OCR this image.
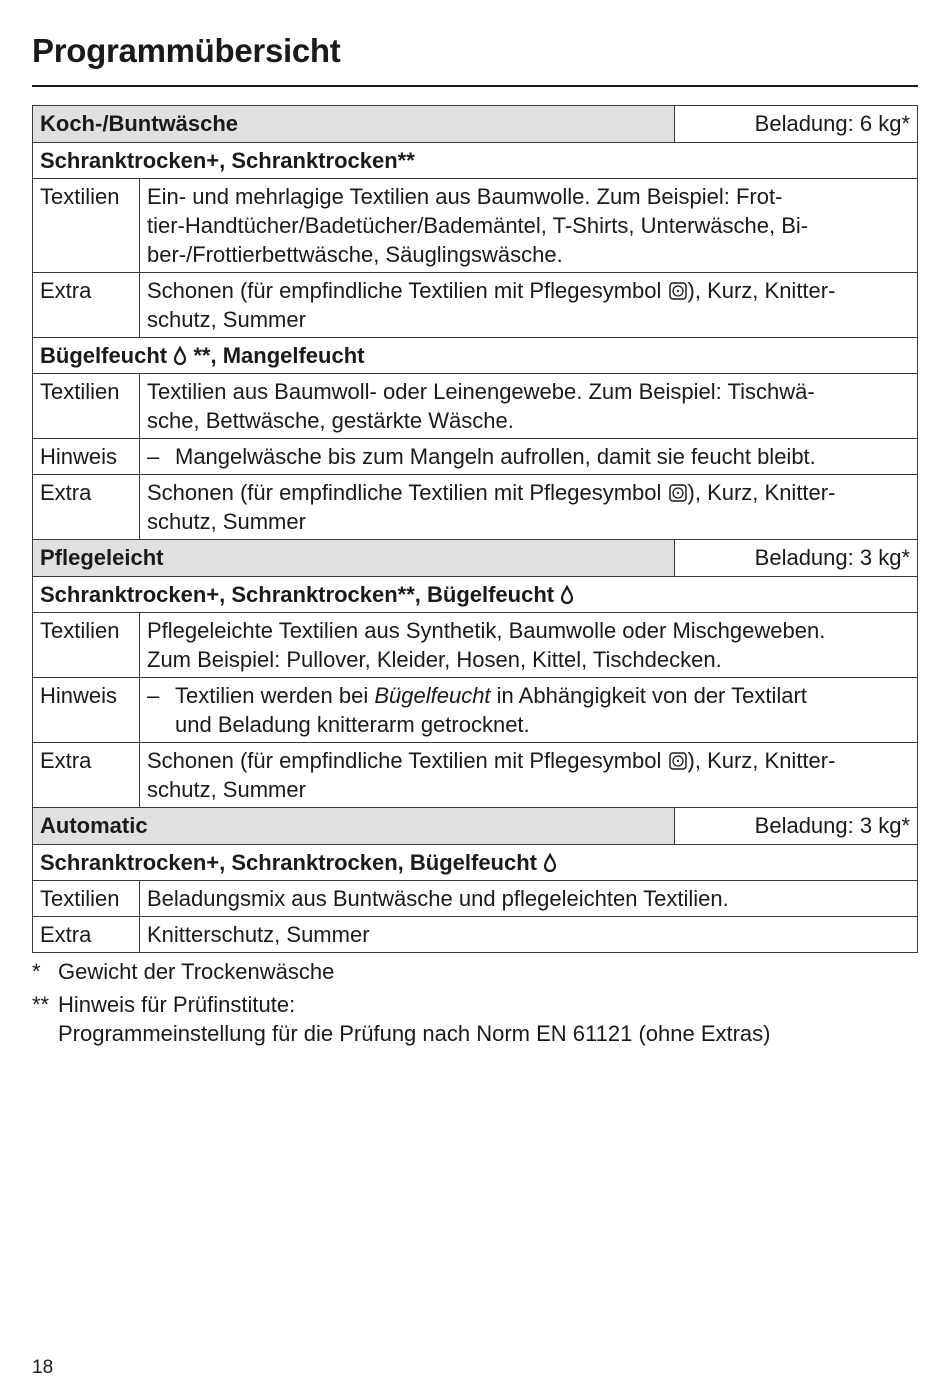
Programmübersicht
Koch-/Buntwäsche		Beladung: 6 kg*
Schranktrocken+, Schranktrocken**		
Textilien	Ein- und mehrlagige Textilien aus Baumwolle. Zum Beispiel: Frot-
tier-Handtücher/Badetücher/Bademäntel, T-Shirts, Unterwäsche, Bi-
ber-/Frottierbettwäsche, Säuglingswäsche.	
Extra	Schonen (für empfindliche Textilien mit Pflegesymbol ), Kurz, Knitter-
schutz, Summer	
Bügelfeucht  **, Mangelfeucht		
Textilien	Textilien aus Baumwoll- oder Leinengewebe. Zum Beispiel: Tischwä-
sche, Bettwäsche, gestärkte Wäsche.	
Hinweis	– Mangelwäsche bis zum Mangeln aufrollen, damit sie feucht bleibt.	
Extra	Schonen (für empfindliche Textilien mit Pflegesymbol ), Kurz, Knitter-
schutz, Summer	
Pflegeleicht		Beladung: 3 kg*
Schranktrocken+, Schranktrocken**, Bügelfeucht		
Textilien	Pflegeleichte Textilien aus Synthetik, Baumwolle oder Mischgeweben.
Zum Beispiel: Pullover, Kleider, Hosen, Kittel, Tischdecken.	
Hinweis	– Textilien werden bei Bügelfeucht in Abhängigkeit von der Textilart
und Beladung knitterarm getrocknet.	

Extra	Schonen (für empfindliche Textilien mit Pflegesymbol ), Kurz, Knitter-
schutz, Summer	
Automatic		Beladung: 3 kg*
Schranktrocken+, Schranktrocken, Bügelfeucht		
Textilien	Beladungsmix aus Buntwäsche und pflegeleichten Textilien.	
Extra	Knitterschutz, Summer	
* Gewicht der Trockenwäsche
** Hinweis für Prüfinstitute:
Programmeinstellung für die Prüfung nach Norm EN 61121 (ohne Extras)
18
